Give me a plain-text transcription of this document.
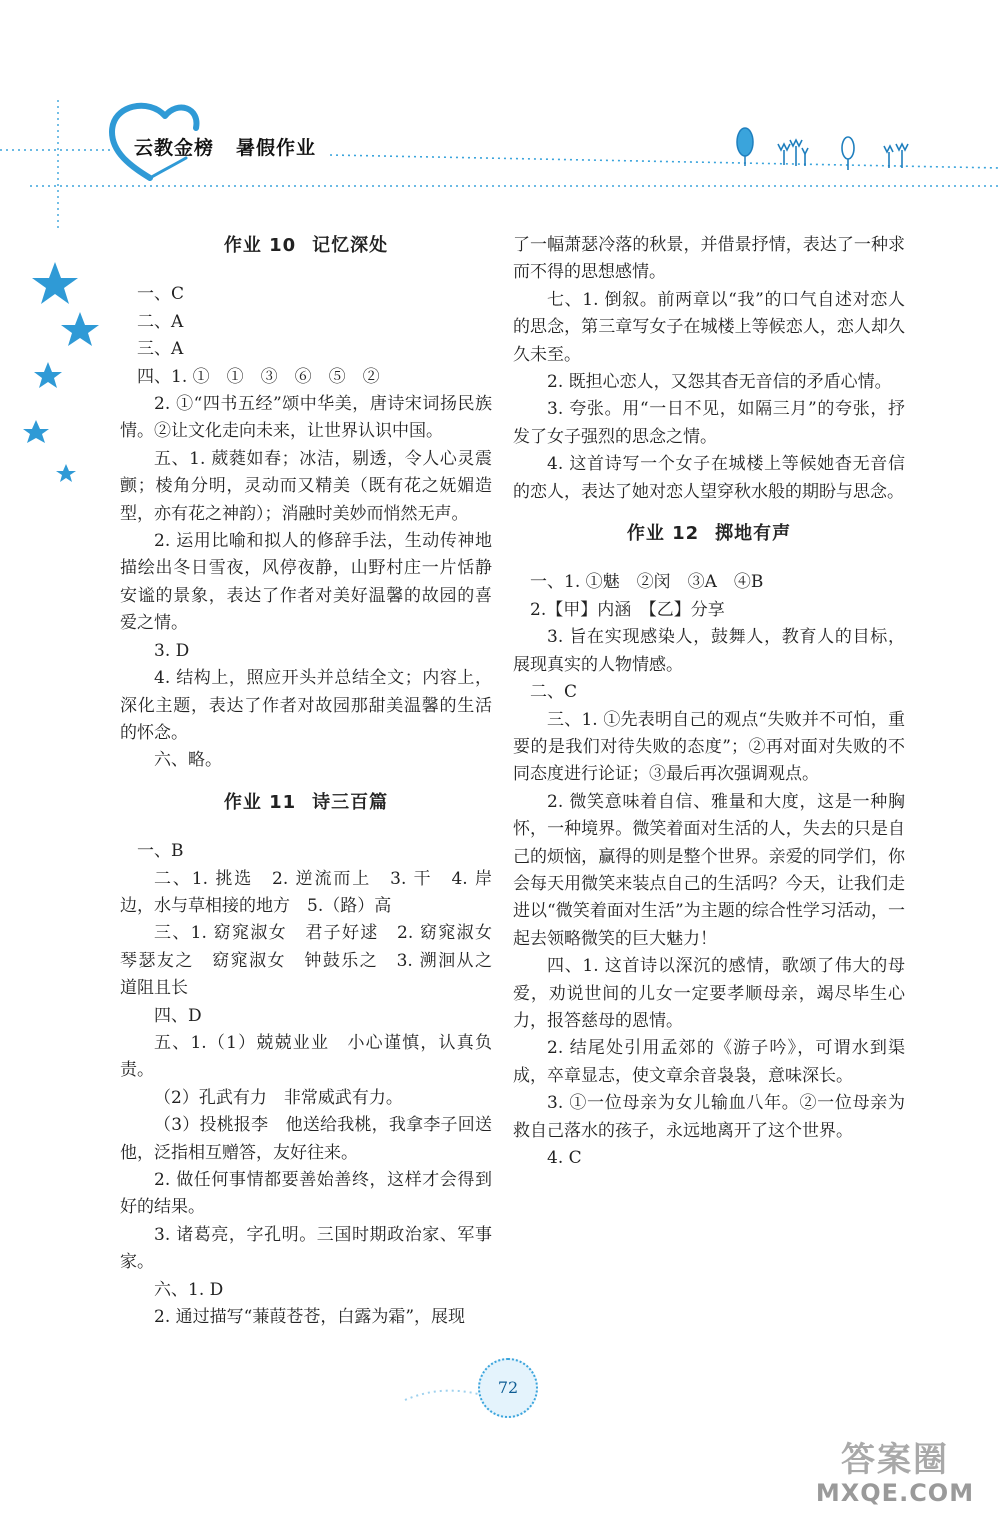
云教金榜 暑假作业
作业 10 记忆深处

一、C

二、A

三、A

四、1. ①　①　③　⑥　⑤　②

2. ①“四书五经”颂中华美，唐诗宋词扬民族情。②让文化走向未来，让世界认识中国。

五、1. 葳蕤如春；冰洁，剔透，令人心灵震颤；棱角分明，灵动而又精美（既有花之妩媚造型，亦有花之神韵）；消融时美妙而悄然无声。

2. 运用比喻和拟人的修辞手法，生动传神地描绘出冬日雪夜，风停夜静，山野村庄一片恬静安谧的景象，表达了作者对美好温馨的故园的喜爱之情。

3. D

4. 结构上，照应开头并总结全文；内容上，深化主题，表达了作者对故园那甜美温馨的生活的怀念。

六、略。

作业 11 诗三百篇

一、B

二、1. 挑选　2. 逆流而上　3. 干　4. 岸边，水与草相接的地方　5.（路）高

三、1. 窈窕淑女　君子好逑　2. 窈窕淑女　琴瑟友之　窈窕淑女　钟鼓乐之　3. 溯洄从之　道阻且长

四、D

五、1.（1）兢兢业业　小心谨慎，认真负责。

（2）孔武有力　非常威武有力。

（3）投桃报李　他送给我桃，我拿李子回送他，泛指相互赠答，友好往来。

2. 做任何事情都要善始善终，这样才会得到好的结果。

3. 诸葛亮，字孔明。三国时期政治家、军事家。

六、1. D

2. 通过描写“蒹葭苍苍，白露为霜”，展现

了一幅萧瑟冷落的秋景，并借景抒情，表达了一种求而不得的思想感情。

七、1. 倒叙。前两章以“我”的口气自述对恋人的思念，第三章写女子在城楼上等候恋人，恋人却久久未至。

2. 既担心恋人，又怨其杳无音信的矛盾心情。

3. 夸张。用“一日不见，如隔三月”的夸张，抒发了女子强烈的思念之情。

4. 这首诗写一个女子在城楼上等候她杳无音信的恋人，表达了她对恋人望穿秋水般的期盼与思念。

作业 12 掷地有声

一、1. ①魅　②闵　③A　④B

2.【甲】内涵　【乙】分享

3. 旨在实现感染人，鼓舞人，教育人的目标，展现真实的人物情感。

二、C

三、1. ①先表明自己的观点“失败并不可怕，重要的是我们对待失败的态度”；②再对面对失败的不同态度进行论证；③最后再次强调观点。

2. 微笑意味着自信、雅量和大度，这是一种胸怀，一种境界。微笑着面对生活的人，失去的只是自己的烦恼，赢得的则是整个世界。亲爱的同学们，你会每天用微笑来装点自己的生活吗？今天，让我们走进以“微笑着面对生活”为主题的综合性学习活动，一起去领略微笑的巨大魅力！

四、1. 这首诗以深沉的感情，歌颂了伟大的母爱，劝说世间的儿女一定要孝顺母亲，竭尽毕生心力，报答慈母的恩情。

2. 结尾处引用孟郊的《游子吟》，可谓水到渠成，卒章显志，使文章余音袅袅，意味深长。

3. ①一位母亲为女儿输血八年。②一位母亲为救自己落水的孩子，永远地离开了这个世界。

4. C

72
答案圈
MXQE.COM
